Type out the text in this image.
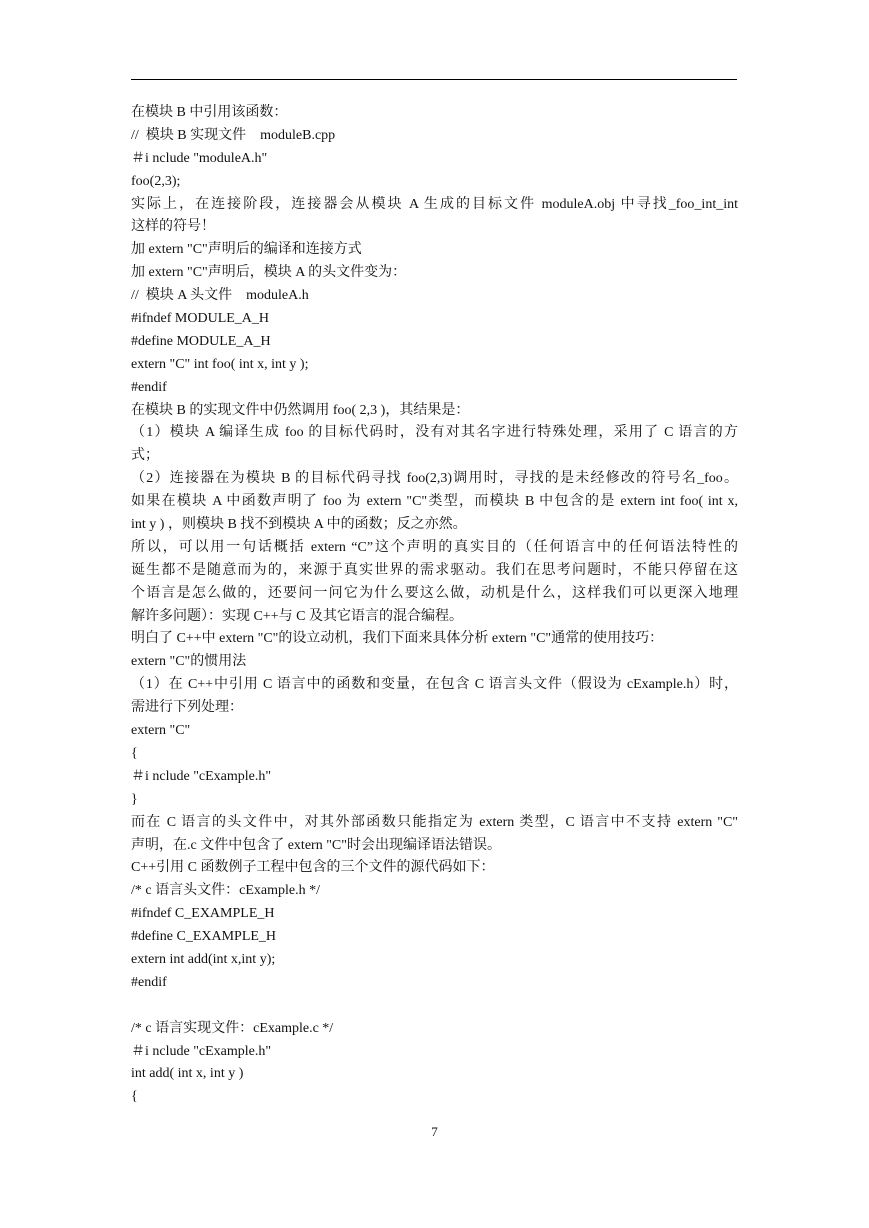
在模块 B 中引用该函数：
//  模块 B 实现文件    moduleB.cpp
＃i nclude "moduleA.h"
foo(2,3);
实际上，在连接阶段，连接器会从模块 A 生成的目标文件 moduleA.obj 中寻找_foo_int_int
这样的符号！
加 extern "C"声明后的编译和连接方式
加 extern "C"声明后，模块 A 的头文件变为：
//  模块 A 头文件    moduleA.h
#ifndef MODULE_A_H
#define MODULE_A_H
extern "C" int foo( int x, int y );
#endif
在模块 B 的实现文件中仍然调用 foo( 2,3 )，其结果是：
（1）模块 A 编译生成 foo 的目标代码时，没有对其名字进行特殊处理，采用了 C 语言的方
式；
（2）连接器在为模块 B 的目标代码寻找 foo(2,3)调用时，寻找的是未经修改的符号名_foo。
如果在模块 A 中函数声明了 foo 为 extern "C"类型，而模块 B 中包含的是 extern int foo( int x,
int y ) ，则模块 B 找不到模块 A 中的函数；反之亦然。
所以，可以用一句话概括 extern “C”这个声明的真实目的（任何语言中的任何语法特性的
诞生都不是随意而为的，来源于真实世界的需求驱动。我们在思考问题时，不能只停留在这
个语言是怎么做的，还要问一问它为什么要这么做，动机是什么，这样我们可以更深入地理
解许多问题）：实现 C++与 C 及其它语言的混合编程。
明白了 C++中 extern "C"的设立动机，我们下面来具体分析 extern "C"通常的使用技巧：
extern "C"的惯用法
（1）在 C++中引用 C 语言中的函数和变量，在包含 C 语言头文件（假设为 cExample.h）时，
需进行下列处理：
extern "C"
{
＃i nclude "cExample.h"
}
而在 C 语言的头文件中，对其外部函数只能指定为 extern 类型，C 语言中不支持 extern "C"
声明，在.c 文件中包含了 extern "C"时会出现编译语法错误。
C++引用 C 函数例子工程中包含的三个文件的源代码如下：
/* c 语言头文件：cExample.h */
#ifndef C_EXAMPLE_H
#define C_EXAMPLE_H
extern int add(int x,int y);
#endif
/* c 语言实现文件：cExample.c */
＃i nclude "cExample.h"
int add( int x, int y )
{
7
